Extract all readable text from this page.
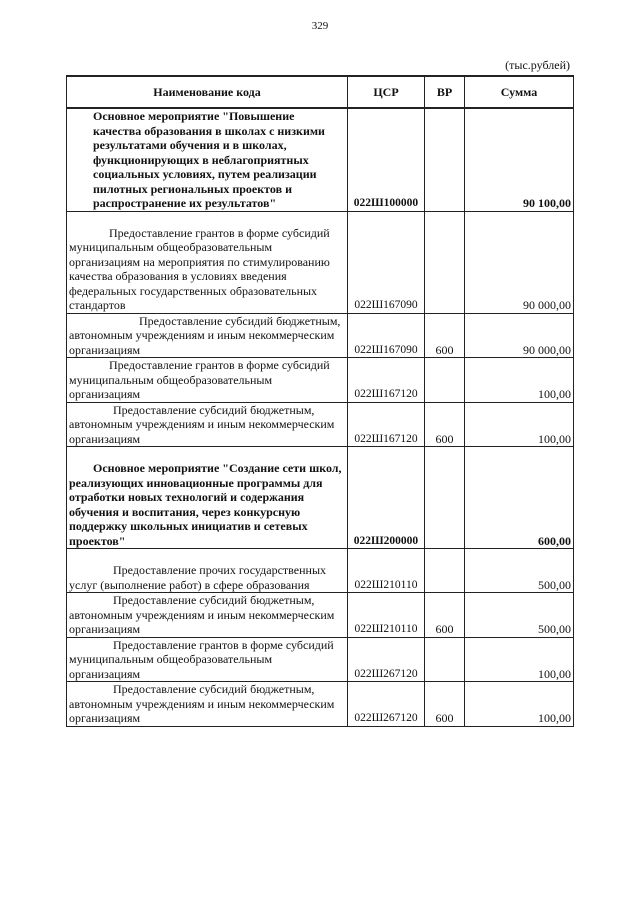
329
(тыс.рублей)
Наименование кода	ЦСР	ВР	Сумма

Основное мероприятие "Повышение качества образования в школах с низкими результатами обучения и в школах, функционирующих в неблагоприятных социальных условиях, путем реализации пилотных региональных проектов и распространение их результатов"	022Ш100000		90 100,00

Предоставление грантов в форме субсидий муниципальным общеобразовательным организациям на мероприятия по стимулированию качества образования в условиях введения федеральных государственных образовательных стандартов	022Ш167090		90 000,00

Предоставление субсидий бюджетным, автономным учреждениям и иным некоммерческим организациям	022Ш167090	600	90 000,00

Предоставление грантов в форме субсидий муниципальным общеобразовательным организациям	022Ш167120		100,00

Предоставление субсидий бюджетным, автономным учреждениям и иным некоммерческим организациям	022Ш167120	600	100,00

Основное мероприятие "Создание сети школ, реализующих инновационные программы для отработки новых технологий и содержания обучения и воспитания, через конкурсную поддержку школьных инициатив и сетевых проектов"	022Ш200000		600,00

Предоставление прочих государственных услуг (выполнение работ) в сфере образования	022Ш210110		500,00

Предоставление субсидий бюджетным, автономным учреждениям и иным некоммерческим организациям	022Ш210110	600	500,00

Предоставление грантов в форме субсидий муниципальным общеобразовательным организациям	022Ш267120		100,00

Предоставление субсидий бюджетным, автономным учреждениям и иным некоммерческим организациям	022Ш267120	600	100,00
